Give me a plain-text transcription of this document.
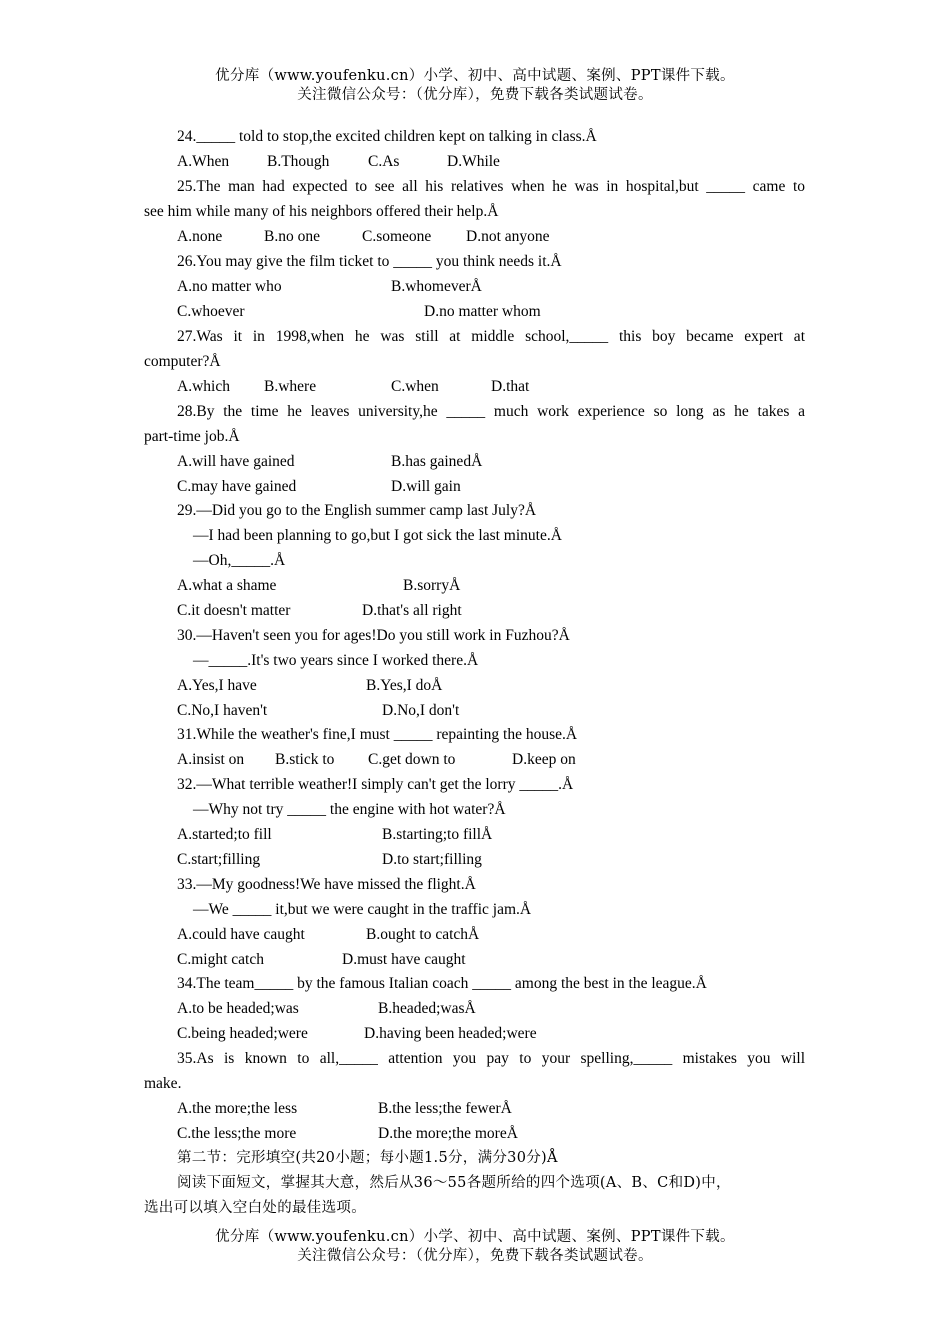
优分库（www.youfenku.cn）小学、初中、高中试题、案例、PPT课件下载。
关注微信公众号：（优分库），免费下载各类试题试卷。
24._____ told to stop,the excited children kept on talking in class.Å
A.When B.Though C.As	D.While
25.The man had expected to see all his relatives when he was in hospital,but _____ came to
see him while many of his neighbors offered their help.Å
A.none	B.no one	C.someone D.not anyone
26.You may give the film ticket to _____ you think needs it.Å
A.no matter who	B.whomeverÅ
C.whoever	D.no matter whom
27.Was it in 1998,when he was still at middle school,_____ this boy became expert at
computer?Å
A.which B.where	C.when	D.that
28.By the time he leaves university,he _____ much work experience so long as he takes a
part-time job.Å
A.will have gained	B.has gainedÅ
C.may have gained	D.will gain
29.—Did you go to the English summer camp last July?Å
—I had been planning to go,but I got sick the last minute.Å
—Oh,_____.Å
A.what a shame	B.sorryÅ
C.it doesn't matter	D.that's all right
30.—Haven't seen you for ages!Do you still work in Fuzhou?Å
—_____.It's two years since I worked there.Å
A.Yes,I have	B.Yes,I doÅ
C.No,I haven't	D.No,I don't
31.While the weather's fine,I must _____ repainting the house.Å
A.insist on B.stick to C.get down to	D.keep on
32.—What terrible weather!I simply can't get the lorry _____.Å
—Why not try _____ the engine with hot water?Å
A.started;to fill	B.starting;to fillÅ
C.start;filling	D.to start;filling
33.—My goodness!We have missed the flight.Å
—We _____ it,but we were caught in the traffic jam.Å
A.could have caught	B.ought to catchÅ
C.might catch	D.must have caught
34.The team_____ by the famous Italian coach _____ among the best in the league.Å
A.to be headed;was	B.headed;wasÅ
C.being headed;were	D.having been headed;were
35.As is known to all,_____ attention you pay to your spelling,_____ mistakes you will
make.
A.the more;the less	B.the less;the fewerÅ
C.the less;the more	D.the more;the moreÅ
第二节：完形填空(共20小题；每小题1.5分，满分30分)Å
阅读下面短文，掌握其大意，然后从36～55各题所给的四个选项(A、B、C和D)中，
选出可以填入空白处的最佳选项。
优分库（www.youfenku.cn）小学、初中、高中试题、案例、PPT课件下载。
关注微信公众号：（优分库），免费下载各类试题试卷。
